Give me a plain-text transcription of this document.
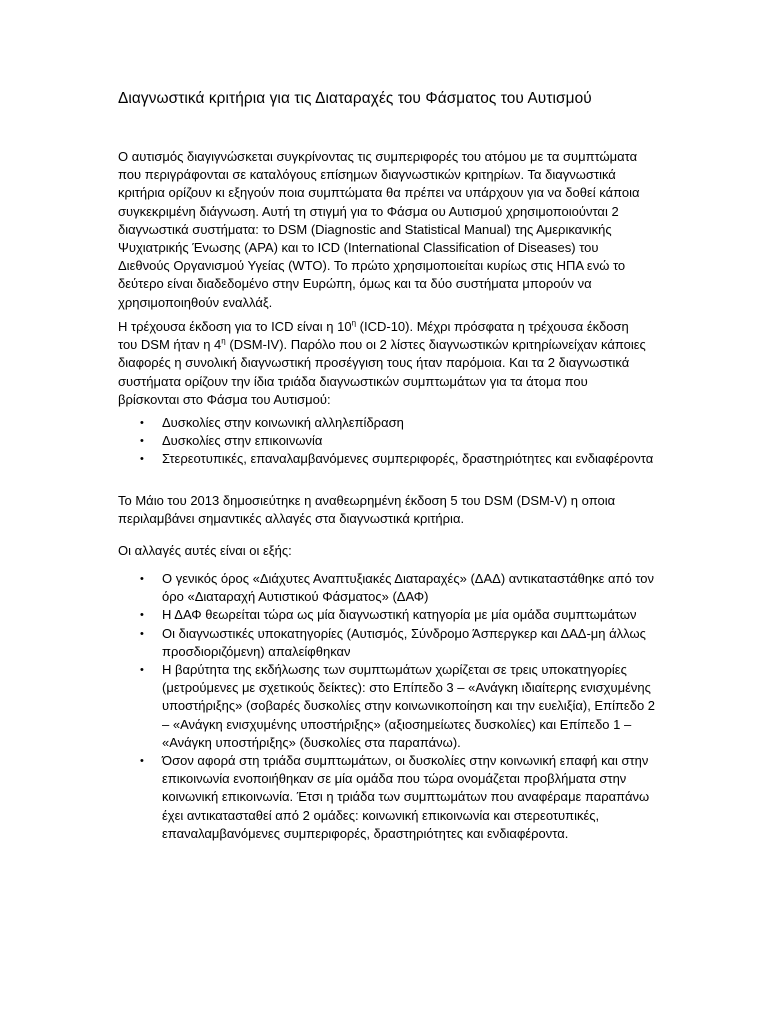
Διαγνωστικά κριτήρια για τις Διαταραχές του Φάσματος του Αυτισμού

Ο αυτισμός διαγιγνώσκεται συγκρίνοντας τις συμπεριφορές του ατόμου με τα συμπτώματα που περιγράφονται σε καταλόγους επίσημων διαγνωστικών κριτηρίων. Τα διαγνωστικά κριτήρια ορίζουν κι εξηγούν ποια συμπτώματα θα πρέπει να υπάρχουν για να δοθεί κάποια συγκεκριμένη διάγνωση. Αυτή τη στιγμή για το Φάσμα ου Αυτισμού χρησιμοποιούνται 2 διαγνωστικά συστήματα: το DSM (Diagnostic and Statistical Manual) της Αμερικανικής Ψυχιατρικής Ένωσης (APA) και το ICD (International Classification of Diseases) του Διεθνούς Οργανισμού Υγείας (WTO). Το πρώτο χρησιμοποιείται κυρίως στις ΗΠΑ ενώ το δεύτερο είναι διαδεδομένο στην Ευρώπη, όμως και τα δύο συστήματα μπορούν να χρησιμοποιηθούν εναλλάξ.

Η τρέχουσα έκδοση για το ICD είναι η $10^\eta$ (ICD-10). Μέχρι πρόσφατα η τρέχουσα έκδοση του DSM ήταν η $4^\eta$ (DSM-IV). Παρόλο που οι 2 λίστες διαγνωστικών κριτηρίωνείχαν κάποιες διαφορές η συνολική διαγνωστική προσέγγιση τους ήταν παρόμοια. Και τα 2 διαγνωστικά συστήματα ορίζουν την ίδια τριάδα διαγνωστικών συμπτωμάτων για τα άτομα που βρίσκονται στο Φάσμα του Αυτισμού:

•	Δυσκολίες στην κοινωνική αλληλεπίδραση
•	Δυσκολίες στην επικοινωνία
•	Στερεοτυπικές, επαναλαμβανόμενες συμπεριφορές, δραστηριότητες και ενδιαφέροντα

Το Μάιο του 2013 δημοσιεύτηκε η αναθεωρημένη έκδοση 5 του DSM (DSM-V) η οποια περιλαμβάνει σημαντικές αλλαγές στα διαγνωστικά κριτήρια.

Οι αλλαγές αυτές είναι οι εξής:

•	Ο γενικός όρος «Διάχυτες Αναπτυξιακές Διαταραχές» (ΔΑΔ) αντικαταστάθηκε από τον όρο «Διαταραχή Αυτιστικού Φάσματος» (ΔΑΦ)
•	Η ΔΑΦ θεωρείται τώρα ως μία διαγνωστική κατηγορία με μία ομάδα συμπτωμάτων
•	Οι διαγνωστικές υποκατηγορίες (Αυτισμός, Σύνδρομο Άσπεργκερ και ΔΑΔ-μη άλλως προσδιοριζόμενη) απαλείφθηκαν
•	Η βαρύτητα της εκδήλωσης των συμπτωμάτων χωρίζεται σε τρεις υποκατηγορίες (μετρούμενες με σχετικούς δείκτες): στο Επίπεδο 3 – «Ανάγκη ιδιαίτερης ενισχυμένης υποστήριξης» (σοβαρές δυσκολίες στην κοινωνικοποίηση και την ευελιξία), Επίπεδο 2 – «Ανάγκη ενισχυμένης υποστήριξης» (αξιοσημείωτες δυσκολίες) και Επίπεδο 1 – «Ανάγκη υποστήριξης» (δυσκολίες στα παραπάνω).
•	Όσον αφορά στη τριάδα συμπτωμάτων, οι δυσκολίες στην κοινωνική επαφή και στην επικοινωνία ενοποιήθηκαν σε μία ομάδα που τώρα ονομάζεται προβλήματα στην κοινωνική επικοινωνία. Έτσι η τριάδα των συμπτωμάτων που αναφέραμε παραπάνω έχει αντικατασταθεί από 2 ομάδες: κοινωνική επικοινωνία και στερεοτυπικές, επαναλαμβανόμενες συμπεριφορές, δραστηριότητες και ενδιαφέροντα.
